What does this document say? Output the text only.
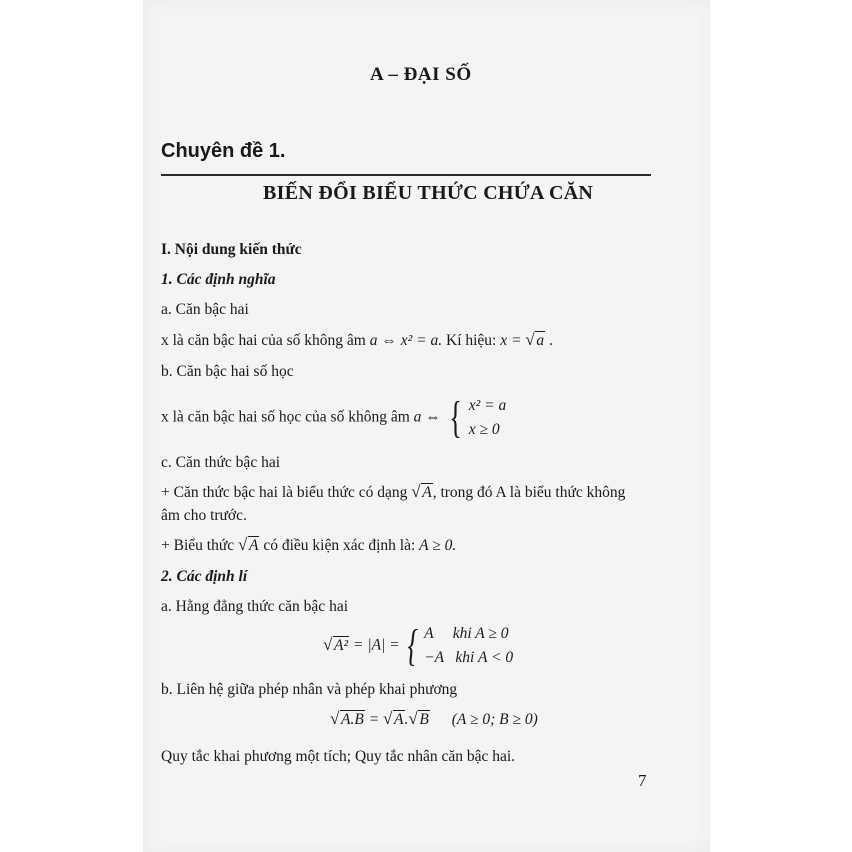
A – ĐẠI SỐ
Chuyên đề 1.
BIẾN ĐỔI BIỂU THỨC CHỨA CĂN
I. Nội dung kiến thức
1. Các định nghĩa
a. Căn bậc hai
x là căn bậc hai của số không âm a ⇔ x² = a. Kí hiệu: x = √ a .
b. Căn bậc hai số học
x là căn bậc hai số học của số không âm a ⇔ { x² = a
x ≥ 0
c. Căn thức bậc hai
+ Căn thức bậc hai là biểu thức có dạng √ A, trong đó A là biểu thức không
âm cho trước.
+ Biểu thức √ A có điều kiện xác định là: A ≥ 0.
2. Các định lí
a. Hằng đẳng thức căn bậc hai
√ A² = |A| = { A     khi A ≥ 0
−A   khi A < 0
b. Liên hệ giữa phép nhân và phép khai phương
√ A.B = √ A. √ B (A ≥ 0; B ≥ 0)
Quy tắc khai phương một tích; Quy tắc nhân căn bậc hai.
7
